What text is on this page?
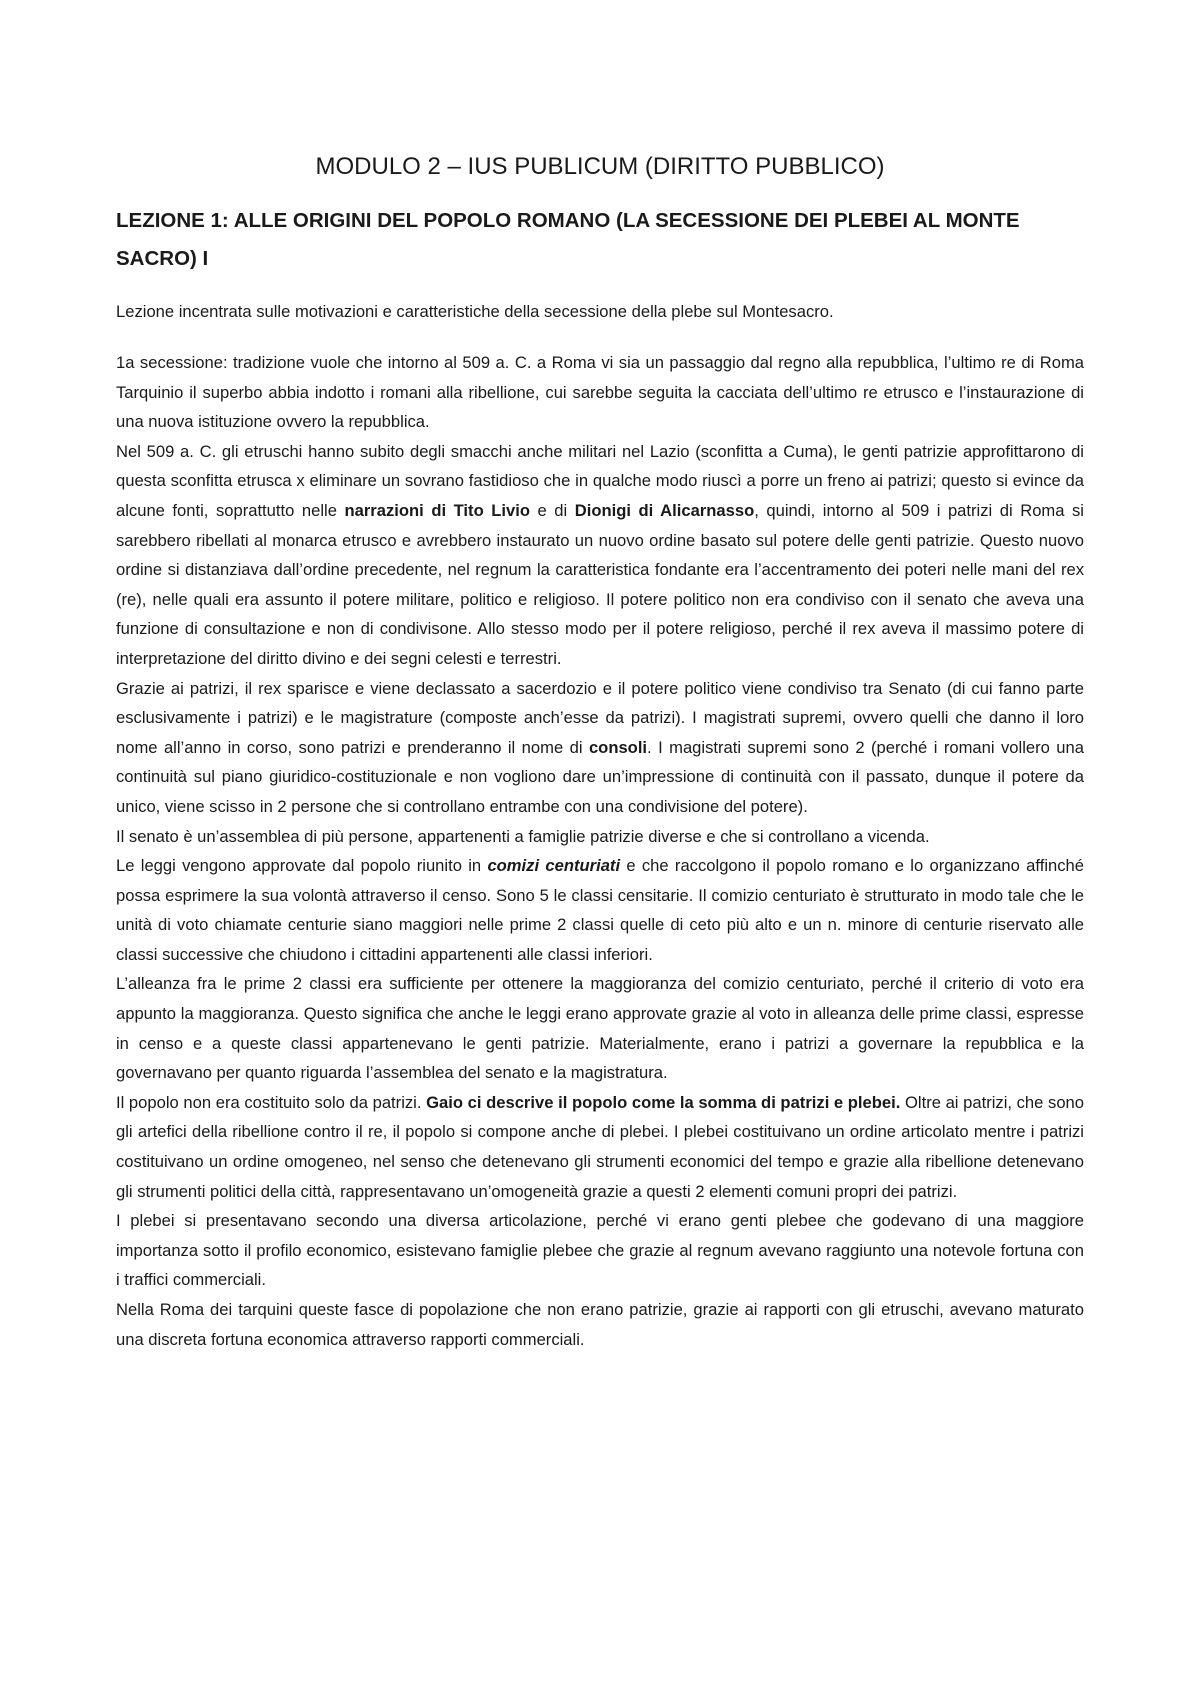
MODULO 2 – IUS PUBLICUM (DIRITTO PUBBLICO)
LEZIONE 1: ALLE ORIGINI DEL POPOLO ROMANO (LA SECESSIONE DEI PLEBEI AL MONTE SACRO) I

Lezione incentrata sulle motivazioni e caratteristiche della secessione della plebe sul Montesacro.

1a secessione: tradizione vuole che intorno al 509 a. C. a Roma vi sia un passaggio dal regno alla repubblica, l’ultimo re di Roma Tarquinio il superbo abbia indotto i romani alla ribellione, cui sarebbe seguita la cacciata dell’ultimo re etrusco e l’instaurazione di una nuova istituzione ovvero la repubblica.

Nel 509 a. C. gli etruschi hanno subito degli smacchi anche militari nel Lazio (sconfitta a Cuma), le genti patrizie approfittarono di questa sconfitta etrusca x eliminare un sovrano fastidioso che in qualche modo riuscì a porre un freno ai patrizi; questo si evince da alcune fonti, soprattutto nelle narrazioni di Tito Livio e di Dionigi di Alicarnasso, quindi, intorno al 509 i patrizi di Roma si sarebbero ribellati al monarca etrusco e avrebbero instaurato un nuovo ordine basato sul potere delle genti patrizie. Questo nuovo ordine si distanziava dall’ordine precedente, nel regnum la caratteristica fondante era l’accentramento dei poteri nelle mani del rex (re), nelle quali era assunto il potere militare, politico e religioso. Il potere politico non era condiviso con il senato che aveva una funzione di consultazione e non di condivisone. Allo stesso modo per il potere religioso, perché il rex aveva il massimo potere di interpretazione del diritto divino e dei segni celesti e terrestri.

Grazie ai patrizi, il rex sparisce e viene declassato a sacerdozio e il potere politico viene condiviso tra Senato (di cui fanno parte esclusivamente i patrizi) e le magistrature (composte anch’esse da patrizi). I magistrati supremi, ovvero quelli che danno il loro nome all’anno in corso, sono patrizi e prenderanno il nome di consoli. I magistrati supremi sono 2 (perché i romani vollero una continuità sul piano giuridico-costituzionale e non vogliono dare un’impressione di continuità con il passato, dunque il potere da unico, viene scisso in 2 persone che si controllano entrambe con una condivisione del potere).

Il senato è un’assemblea di più persone, appartenenti a famiglie patrizie diverse e che si controllano a vicenda.

Le leggi vengono approvate dal popolo riunito in comizi centuriati e che raccolgono il popolo romano e lo organizzano affinché possa esprimere la sua volontà attraverso il censo. Sono 5 le classi censitarie. Il comizio centuriato è strutturato in modo tale che le unità di voto chiamate centurie siano maggiori nelle prime 2 classi quelle di ceto più alto e un n. minore di centurie riservato alle classi successive che chiudono i cittadini appartenenti alle classi inferiori.

L’alleanza fra le prime 2 classi era sufficiente per ottenere la maggioranza del comizio centuriato, perché il criterio di voto era appunto la maggioranza. Questo significa che anche le leggi erano approvate grazie al voto in alleanza delle prime classi, espresse in censo e a queste classi appartenevano le genti patrizie. Materialmente, erano i patrizi a governare la repubblica e la governavano per quanto riguarda l’assemblea del senato e la magistratura.

Il popolo non era costituito solo da patrizi. Gaio ci descrive il popolo come la somma di patrizi e plebei. Oltre ai patrizi, che sono gli artefici della ribellione contro il re, il popolo si compone anche di plebei. I plebei costituivano un ordine articolato mentre i patrizi costituivano un ordine omogeneo, nel senso che detenevano gli strumenti economici del tempo e grazie alla ribellione detenevano gli strumenti politici della città, rappresentavano un’omogeneità grazie a questi 2 elementi comuni propri dei patrizi.

I plebei si presentavano secondo una diversa articolazione, perché vi erano genti plebee che godevano di una maggiore importanza sotto il profilo economico, esistevano famiglie plebee che grazie al regnum avevano raggiunto una notevole fortuna con i traffici commerciali.

Nella Roma dei tarquini queste fasce di popolazione che non erano patrizie, grazie ai rapporti con gli etruschi, avevano maturato una discreta fortuna economica attraverso rapporti commerciali.
